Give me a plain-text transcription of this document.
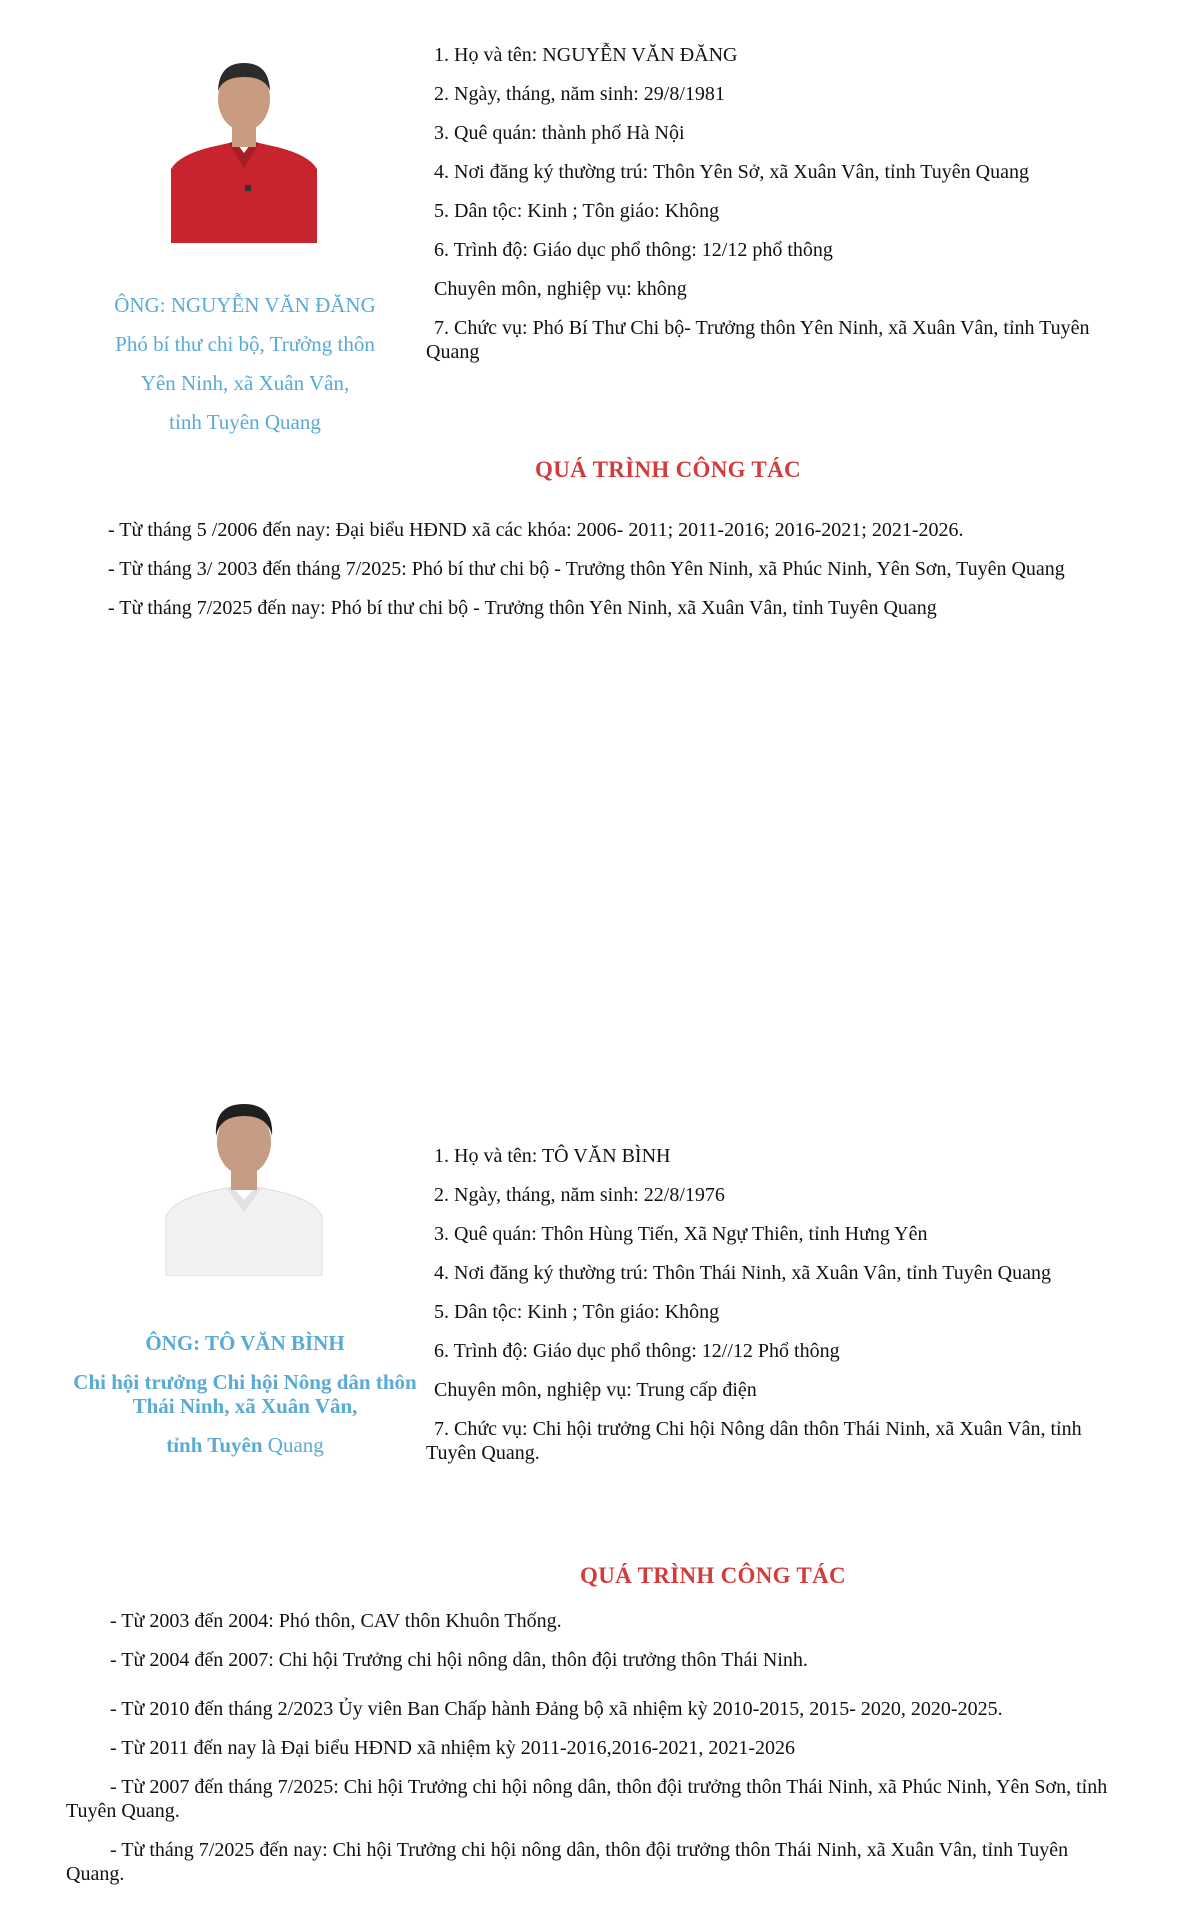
ÔNG: NGUYỄN VĂN ĐĂNG
Phó bí thư chi bộ, Trưởng thôn
Yên Ninh, xã Xuân Vân,
tỉnh Tuyên Quang
1. Họ và tên: NGUYỄN VĂN ĐĂNG
2. Ngày, tháng, năm sinh: 29/8/1981
3. Quê quán: thành phố Hà Nội
4. Nơi đăng ký thường trú: Thôn Yên Sở, xã Xuân Vân, tỉnh Tuyên Quang
5. Dân tộc: Kinh ; Tôn giáo: Không
6. Trình độ: Giáo dục phổ thông: 12/12 phổ thông
Chuyên môn, nghiệp vụ: không
7. Chức vụ: Phó Bí Thư Chi bộ- Trưởng thôn Yên Ninh, xã Xuân Vân, tỉnh Tuyên Quang
QUÁ TRÌNH CÔNG TÁC
- Từ tháng 5 /2006 đến nay: Đại biểu HĐND xã các khóa: 2006- 2011; 2011-2016; 2016-2021; 2021-2026.
- Từ tháng 3/ 2003 đến tháng 7/2025: Phó bí thư chi bộ - Trưởng thôn Yên Ninh, xã Phúc Ninh, Yên Sơn, Tuyên Quang
- Từ tháng 7/2025 đến nay: Phó bí thư chi bộ - Trưởng thôn Yên Ninh, xã Xuân Vân, tỉnh Tuyên Quang
ÔNG: TÔ VĂN BÌNH
Chi hội trưởng Chi hội Nông dân thôn
Thái Ninh, xã Xuân Vân,
tỉnh Tuyên Quang
1. Họ và tên: TÔ VĂN BÌNH
2. Ngày, tháng, năm sinh: 22/8/1976
3. Quê quán: Thôn Hùng Tiến, Xã Ngự Thiên, tỉnh Hưng Yên
4. Nơi đăng ký thường trú: Thôn Thái Ninh, xã Xuân Vân, tỉnh Tuyên Quang
5. Dân tộc: Kinh ; Tôn giáo: Không
6. Trình độ: Giáo dục phổ thông: 12//12 Phổ thông
Chuyên môn, nghiệp vụ: Trung cấp điện
7. Chức vụ: Chi hội trưởng Chi hội Nông dân thôn Thái Ninh, xã Xuân Vân, tỉnh Tuyên Quang.
QUÁ TRÌNH CÔNG TÁC
- Từ 2003 đến 2004: Phó thôn, CAV thôn Khuôn Thống.
- Từ 2004 đến 2007: Chi hội Trưởng chi hội nông dân, thôn đội trưởng thôn Thái Ninh.
- Từ 2010 đến tháng 2/2023 Ủy viên Ban Chấp hành Đảng bộ xã nhiệm kỳ 2010-2015, 2015- 2020, 2020-2025.
- Từ 2011 đến nay là Đại biểu HĐND xã nhiệm kỳ 2011-2016,2016-2021, 2021-2026
- Từ 2007 đến tháng 7/2025: Chi hội Trưởng chi hội nông dân, thôn đội trưởng thôn Thái Ninh, xã Phúc Ninh, Yên Sơn, tỉnh Tuyên Quang.
- Từ tháng 7/2025 đến nay: Chi hội Trưởng chi hội nông dân, thôn đội trưởng thôn Thái Ninh, xã Xuân Vân, tỉnh Tuyên Quang.
